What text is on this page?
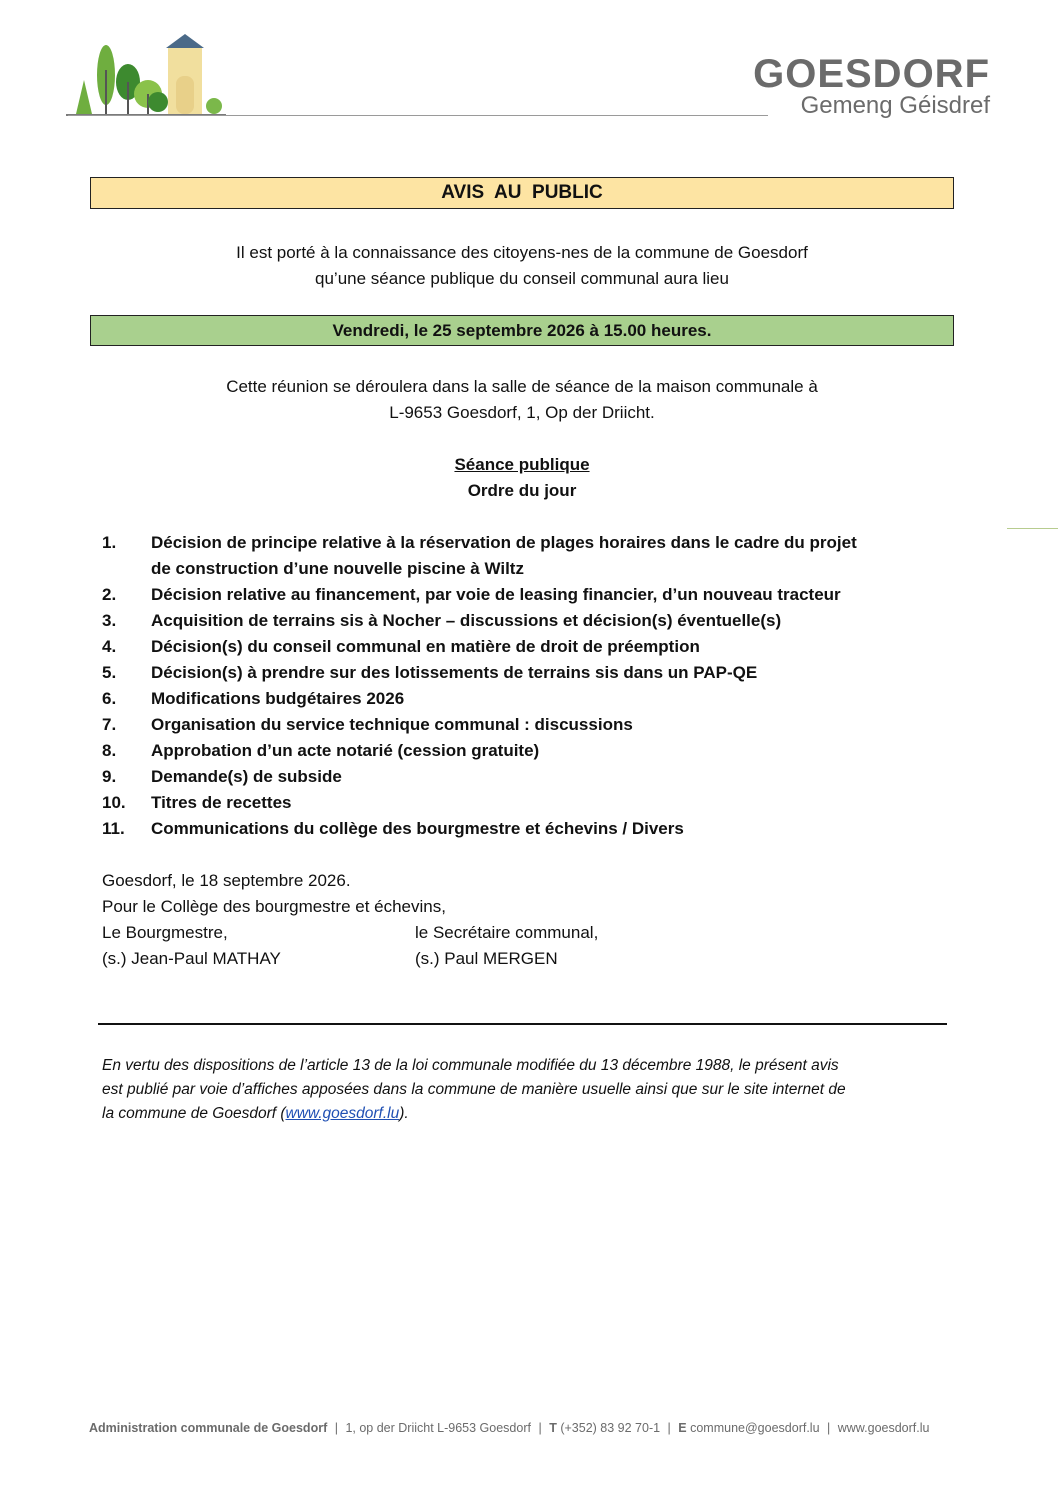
GOESDORF
Gemeng Géisdref
AVIS  AU  PUBLIC
Il est porté à la connaissance des citoyens-nes de la commune de Goesdorf
qu’une séance publique du conseil communal aura lieu
Vendredi, le 25 septembre 2026 à 15.00 heures.
Cette réunion se déroulera dans la salle de séance de la maison communale à
L-9653 Goesdorf, 1, Op der Driicht.
Séance publique
Ordre du jour
1.	Décision de principe relative à la réservation de plages horaires dans le cadre du projet
de construction d’une nouvelle piscine à Wiltz
2.	Décision relative au financement, par voie de leasing financier, d’un nouveau tracteur
3.	Acquisition de terrains sis à Nocher – discussions et décision(s) éventuelle(s)
4.	Décision(s) du conseil communal en matière de droit de préemption
5.	Décision(s) à prendre sur des lotissements de terrains sis dans un PAP-QE
6.	Modifications budgétaires 2026
7.	Organisation du service technique communal : discussions
8.	Approbation d’un acte notarié (cession gratuite)
9.	Demande(s) de subside
10.	Titres de recettes
11.	Communications du collège des bourgmestre et échevins / Divers
Goesdorf, le 18 septembre 2026.
Pour le Collège des bourgmestre et échevins,
Le Bourgmestre,	le Secrétaire communal,
(s.) Jean-Paul MATHAY	(s.) Paul MERGEN
En vertu des dispositions de l’article 13 de la loi communale modifiée du 13 décembre 1988, le présent avis
est publié par voie d’affiches apposées dans la commune de manière usuelle ainsi que sur le site internet de
la commune de Goesdorf (www.goesdorf.lu).
Administration communale de Goesdorf | 1, op der Driicht L-9653 Goesdorf | T (+352) 83 92 70-1 | E commune@goesdorf.lu | www.goesdorf.lu
